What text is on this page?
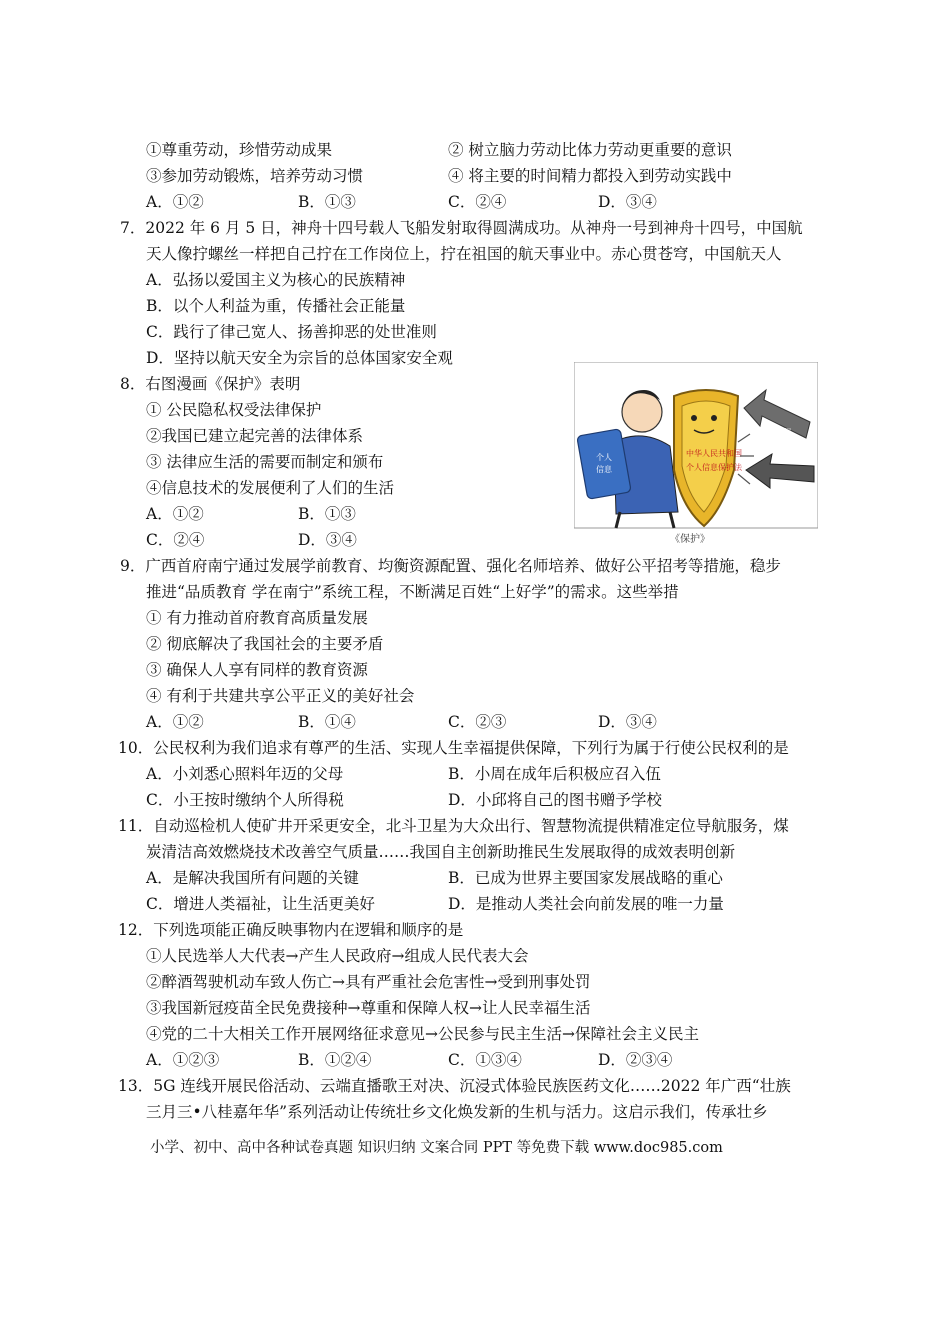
①尊重劳动，珍惜劳动成果	② 树立脑力劳动比体力劳动更重要的意识
③参加劳动锻炼，培养劳动习惯	④ 将主要的时间精力都投入到劳动实践中
A．①②	B．①③	C．②④	D．③④
7．2022 年 6 月 5 日，神舟十四号载人飞船发射取得圆满成功。从神舟一号到神舟十四号，中国航
天人像拧螺丝一样把自己拧在工作岗位上，拧在祖国的航天事业中。赤心贯苍穹，中国航天人
A．弘扬以爱国主义为核心的民族精神
B．以个人利益为重，传播社会正能量
C．践行了律己宽人、扬善抑恶的处世准则
D．坚持以航天安全为宗旨的总体国家安全观
8．右图漫画《保护》表明
① 公民隐私权受法律保护
②我国已建立起完善的法律体系
③ 法律应生活的需要而制定和颁布
④信息技术的发展便利了人们的生活
A．①②	B．①③
C．②④	D．③④
个人
信息
中华人民共和国
个人信息保护法
大数据
杀熟
滥用人脸
识别技术
《保护》
9．广西首府南宁通过发展学前教育、均衡资源配置、强化名师培养、做好公平招考等措施，稳步
推进“品质教育 学在南宁”系统工程，不断满足百姓“上好学”的需求。这些举措
① 有力推动首府教育高质量发展
② 彻底解决了我国社会的主要矛盾
③ 确保人人享有同样的教育资源
④ 有利于共建共享公平正义的美好社会
A．①②	B．①④	C．②③	D．③④
10．公民权利为我们追求有尊严的生活、实现人生幸福提供保障，下列行为属于行使公民权利的是
A．小刘悉心照料年迈的父母	B．小周在成年后积极应召入伍
C．小王按时缴纳个人所得税	D．小邱将自己的图书赠予学校
11．自动巡检机人使矿井开采更安全，北斗卫星为大众出行、智慧物流提供精准定位导航服务，煤
炭清洁高效燃烧技术改善空气质量……我国自主创新助推民生发展取得的成效表明创新
A．是解决我国所有问题的关键	B．已成为世界主要国家发展战略的重心
C．增进人类福祉，让生活更美好	D．是推动人类社会向前发展的唯一力量
12．下列选项能正确反映事物内在逻辑和顺序的是
①人民选举人大代表→产生人民政府→组成人民代表大会
②醉酒驾驶机动车致人伤亡→具有严重社会危害性→受到刑事处罚
③我国新冠疫苗全民免费接种→尊重和保障人权→让人民幸福生活
④党的二十大相关工作开展网络征求意见→公民参与民主生活→保障社会主义民主
A．①②③	B．①②④	C．①③④	D．②③④
13．5G 连线开展民俗活动、云端直播歌王对决、沉浸式体验民族医药文化……2022 年广西“壮族
三月三•八桂嘉年华”系列活动让传统壮乡文化焕发新的生机与活力。这启示我们，传承壮乡
小学、初中、高中各种试卷真题 知识归纳 文案合同 PPT 等免费下载 www.doc985.com
